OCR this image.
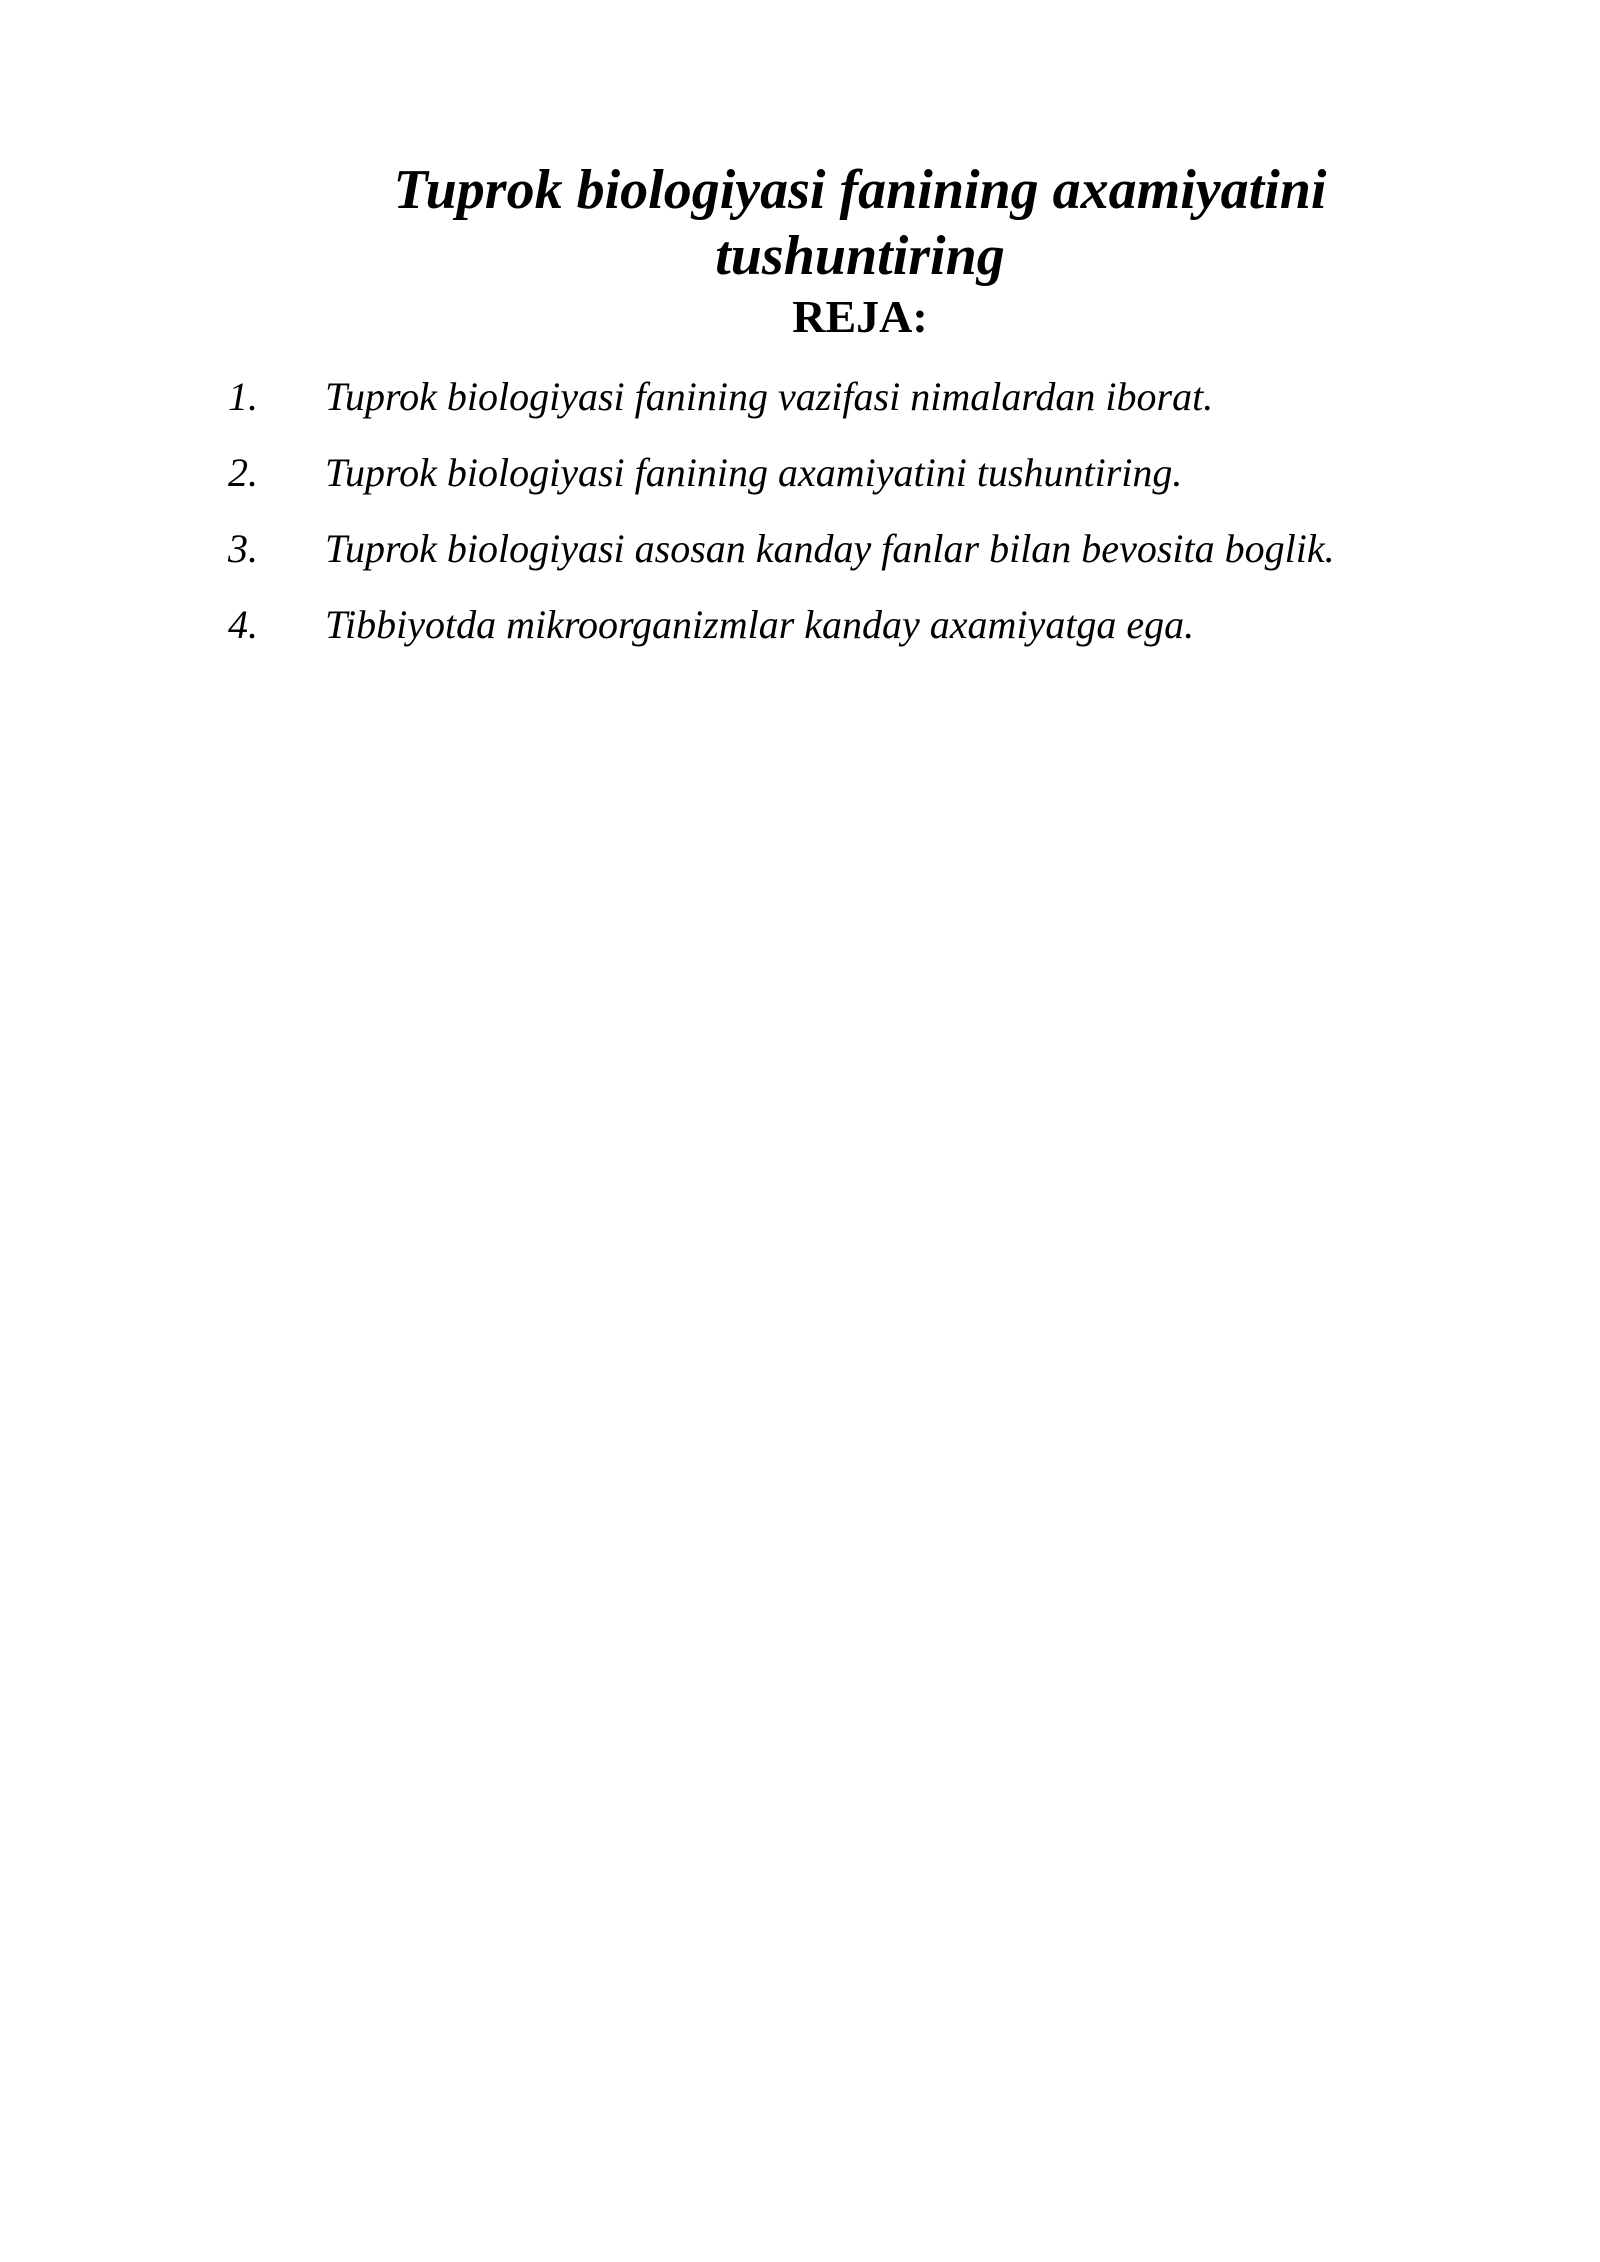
Tuprok biologiyasi fanining axamiyatini
tushuntiring
REJA:
1. Tuprok biologiyasi fanining vazifasi nimalardan iborat.
2. Tuprok biologiyasi fanining axamiyatini tushuntiring.
3. Tuprok biologiyasi asosan kanday fanlar bilan bevosita boglik.
4. Tibbiyotda mikroorganizmlar kanday axamiyatga ega.
